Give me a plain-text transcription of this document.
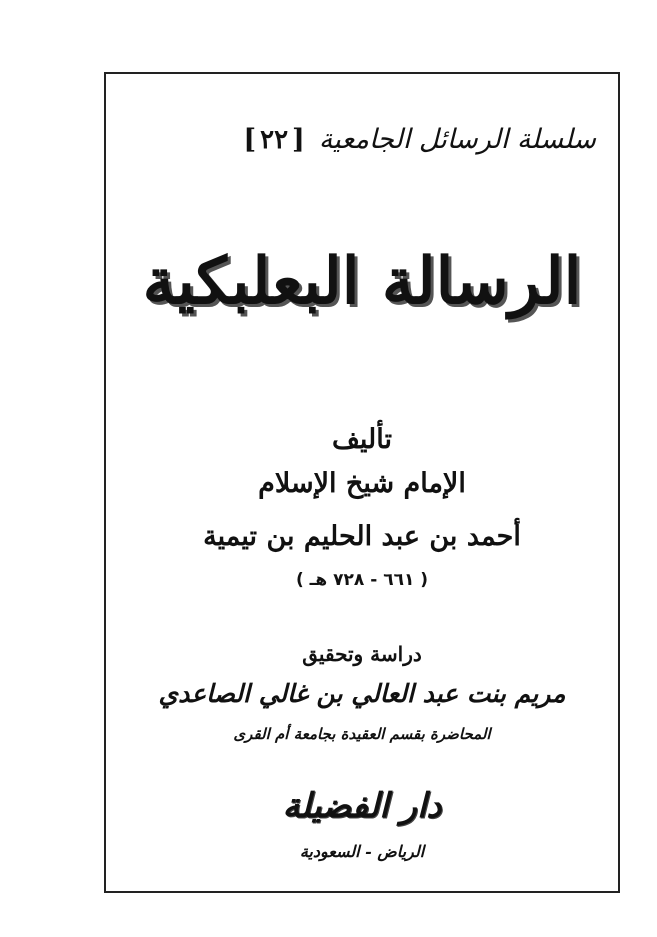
سلسلة الرسائل الجامعية
[٢٢]
الرسالة البعلبكية
تأليف
الإمام شيخ الإسلام
أحمد بن عبد الحليم بن تيمية
( ٦٦١ - ٧٢٨ هـ )
دراسة وتحقيق
مريم بنت عبد العالي بن غالي الصاعدي
المحاضرة بقسم العقيدة بجامعة أم القرى
دار الفضيلة
الرياض - السعودية
